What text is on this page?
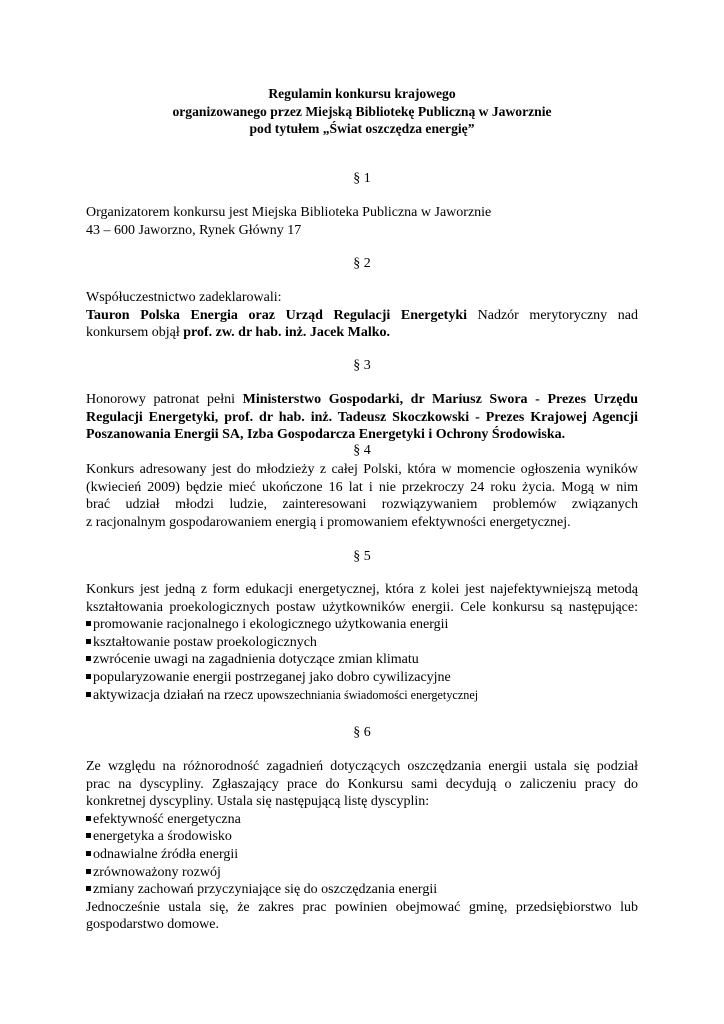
Regulamin konkursu krajowego
organizowanego przez Miejską Bibliotekę Publiczną w Jaworznie
pod tytułem „Świat oszczędza energię”
§ 1
Organizatorem konkursu jest Miejska Biblioteka Publiczna w Jaworznie
43 – 600 Jaworzno, Rynek Główny 17
§ 2
Współuczestnictwo zadeklarowali:
Tauron Polska Energia oraz Urząd Regulacji Energetyki Nadzór merytoryczny nad
konkursem objął prof. zw. dr hab. inż. Jacek Malko.
§ 3
Honorowy patronat pełni Ministerstwo Gospodarki, dr Mariusz Swora - Prezes Urzędu
Regulacji Energetyki, prof. dr hab. inż. Tadeusz Skoczkowski - Prezes Krajowej Agencji
Poszanowania Energii SA, Izba Gospodarcza Energetyki i Ochrony Środowiska.
§ 4
Konkurs adresowany jest do młodzieży z całej Polski, która w momencie ogłoszenia wyników
(kwiecień 2009) będzie mieć ukończone 16 lat i nie przekroczy 24 roku życia. Mogą w nim
brać udział młodzi ludzie, zainteresowani rozwiązywaniem problemów związanych
z racjonalnym gospodarowaniem energią i promowaniem efektywności energetycznej.
§ 5
Konkurs jest jedną z form edukacji energetycznej, która z kolei jest najefektywniejszą metodą
kształtowania proekologicznych postaw użytkowników energii. Cele konkursu są następujące:
promowanie racjonalnego i ekologicznego użytkowania energii
kształtowanie postaw proekologicznych
zwrócenie uwagi na zagadnienia dotyczące zmian klimatu
popularyzowanie energii postrzeganej jako dobro cywilizacyjne
aktywizacja działań na rzecz upowszechniania świadomości energetycznej
§ 6
Ze względu na różnorodność zagadnień dotyczących oszczędzania energii ustala się podział
prac na dyscypliny. Zgłaszający prace do Konkursu sami decydują o zaliczeniu pracy do
konkretnej dyscypliny. Ustala się następującą listę dyscyplin:
efektywność energetyczna
energetyka a środowisko
odnawialne źródła energii
zrównoważony rozwój
zmiany zachowań przyczyniające się do oszczędzania energii
Jednocześnie ustala się, że zakres prac powinien obejmować gminę, przedsiębiorstwo lub
gospodarstwo domowe.
